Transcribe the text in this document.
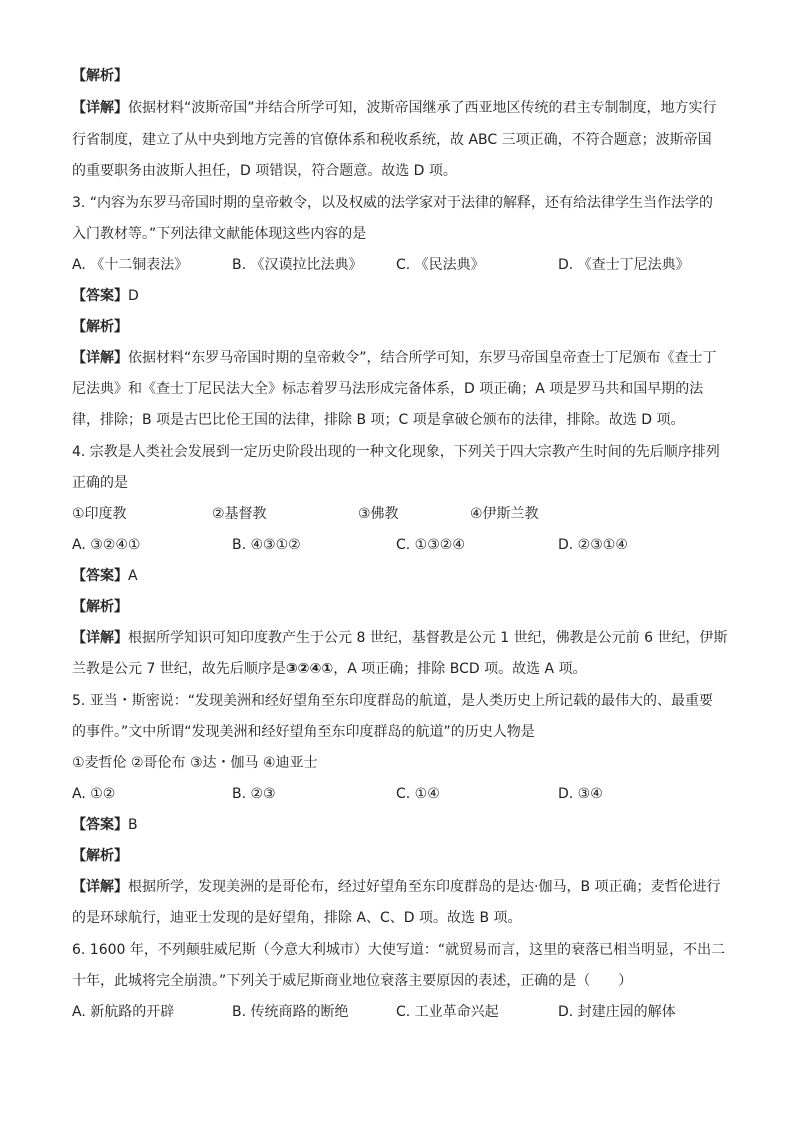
【解析】
【详解】依据材料“波斯帝国”并结合所学可知，波斯帝国继承了西亚地区传统的君主专制制度，地方实行
行省制度，建立了从中央到地方完善的官僚体系和税收系统，故 ABC 三项正确，不符合题意；波斯帝国
的重要职务由波斯人担任，D 项错误，符合题意。故选 D 项。
3. “内容为东罗马帝国时期的皇帝敕令，以及权威的法学家对于法律的解释，还有给法律学生当作法学的
入门教材等。”下列法律文献能体现这些内容的是
A. 《十二铜表法》	B. 《汉谟拉比法典》 C. 《民法典》	D. 《查士丁尼法典》
【答案】D
【解析】
【详解】依据材料“东罗马帝国时期的皇帝敕令”，结合所学可知，东罗马帝国皇帝查士丁尼颁布《查士丁
尼法典》和《查士丁尼民法大全》标志着罗马法形成完备体系，D 项正确；A 项是罗马共和国早期的法
律，排除；B 项是古巴比伦王国的法律，排除 B 项；C 项是拿破仑颁布的法律，排除。故选 D 项。
4. 宗教是人类社会发展到一定历史阶段出现的一种文化现象，下列关于四大宗教产生时间的先后顺序排列
正确的是
①印度教	②基督教	③佛教	④伊斯兰教
A. ③②④①	B. ④③①②	C. ①③②④	D. ②③①④
【答案】A
【解析】
【详解】根据所学知识可知印度教产生于公元 8 世纪，基督教是公元 1 世纪，佛教是公元前 6 世纪，伊斯
兰教是公元 7 世纪，故先后顺序是③②④①，A 项正确；排除 BCD 项。故选 A 项。
5. 亚当・斯密说：“发现美洲和经好望角至东印度群岛的航道，是人类历史上所记载的最伟大的、最重要
的事件。”文中所谓“发现美洲和经好望角至东印度群岛的航道”的历史人物是
①麦哲伦 ②哥伦布 ③达・伽马 ④迪亚士
A. ①②	B. ②③	C. ①④	D. ③④
【答案】B
【解析】
【详解】根据所学，发现美洲的是哥伦布，经过好望角至东印度群岛的是达·伽马，B 项正确；麦哲伦进行
的是环球航行，迪亚士发现的是好望角，排除 A、C、D 项。故选 B 项。
6. 1600 年，不列颠驻威尼斯（今意大利城市）大使写道：“就贸易而言，这里的衰落已相当明显，不出二
十年，此城将完全崩溃。”下列关于威尼斯商业地位衰落主要原因的表述，正确的是（　　）
A. 新航路的开辟	B. 传统商路的断绝	C. 工业革命兴起	D. 封建庄园的解体
